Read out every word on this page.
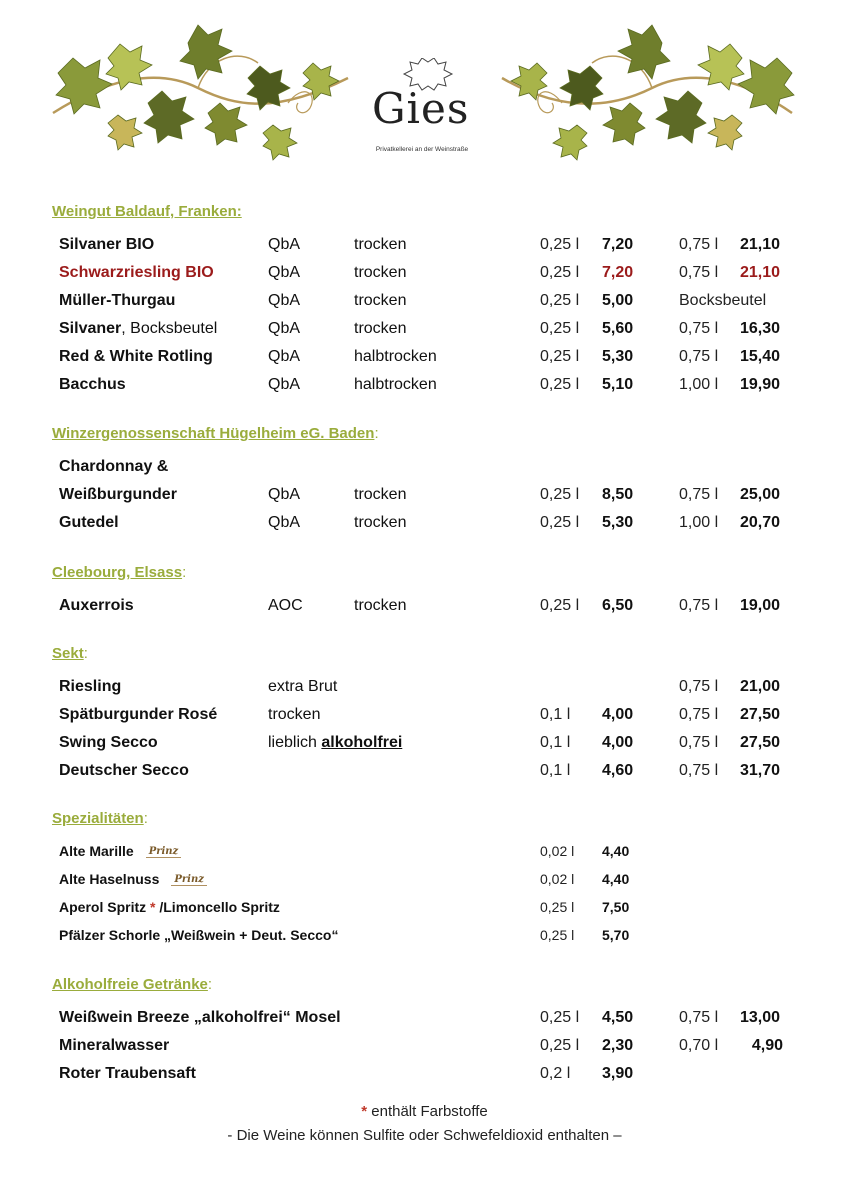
Gies
Privatkellerei an der Weinstraße
Weingut Baldauf, Franken:
Silvaner BIO	QbA	trocken	0,25 l 7,20	0,75 l 21,10
Schwarzriesling BIO	QbA	trocken	0,25 l 7,20	0,75 l 21,10
Müller-Thurgau	QbA	trocken	0,25 l 5,00	Bocksbeutel
Silvaner, Bocksbeutel	QbA	trocken	0,25 l 5,60	0,75 l 16,30
Red & White Rotling	QbA	halbtrocken	0,25 l 5,30	0,75 l 15,40
Bacchus	QbA	halbtrocken	0,25 l 5,10	1,00 l 19,90
Winzergenossenschaft Hügelheim eG. Baden:
Chardonnay &
Weißburgunder	QbA	trocken	0,25 l 8,50	0,75 l 25,00
Gutedel	QbA	trocken	0,25 l 5,30	1,00 l 20,70
Cleebourg, Elsass:
Auxerrois	AOC	trocken	0,25 l 6,50	0,75 l 19,00
Sekt:
Riesling	extra Brut	0,75 l 21,00
Spätburgunder Rosé	trocken	0,1 l 4,00	0,75 l 27,50
Swing Secco	lieblich alkoholfrei	0,1 l 4,00	0,75 l 27,50
Deutscher Secco	0,1 l 4,60	0,75 l 31,70
Spezialitäten:
Alte Marille Prinz	0,02 l 4,40
Alte Haselnuss Prinz	0,02 l 4,40
Aperol Spritz * /Limoncello Spritz	0,25 l 7,50
Pfälzer Schorle „Weißwein + Deut. Secco“	0,25 l 5,70
Alkoholfreie Getränke:
Weißwein Breeze „alkoholfrei“ Mosel	0,25 l 4,50	0,75 l 13,00
Mineralwasser	0,25 l 2,30	0,70 l	4,90
Roter Traubensaft	0,2 l 3,90
* enthält Farbstoffe
- Die Weine können Sulfite oder Schwefeldioxid enthalten –
